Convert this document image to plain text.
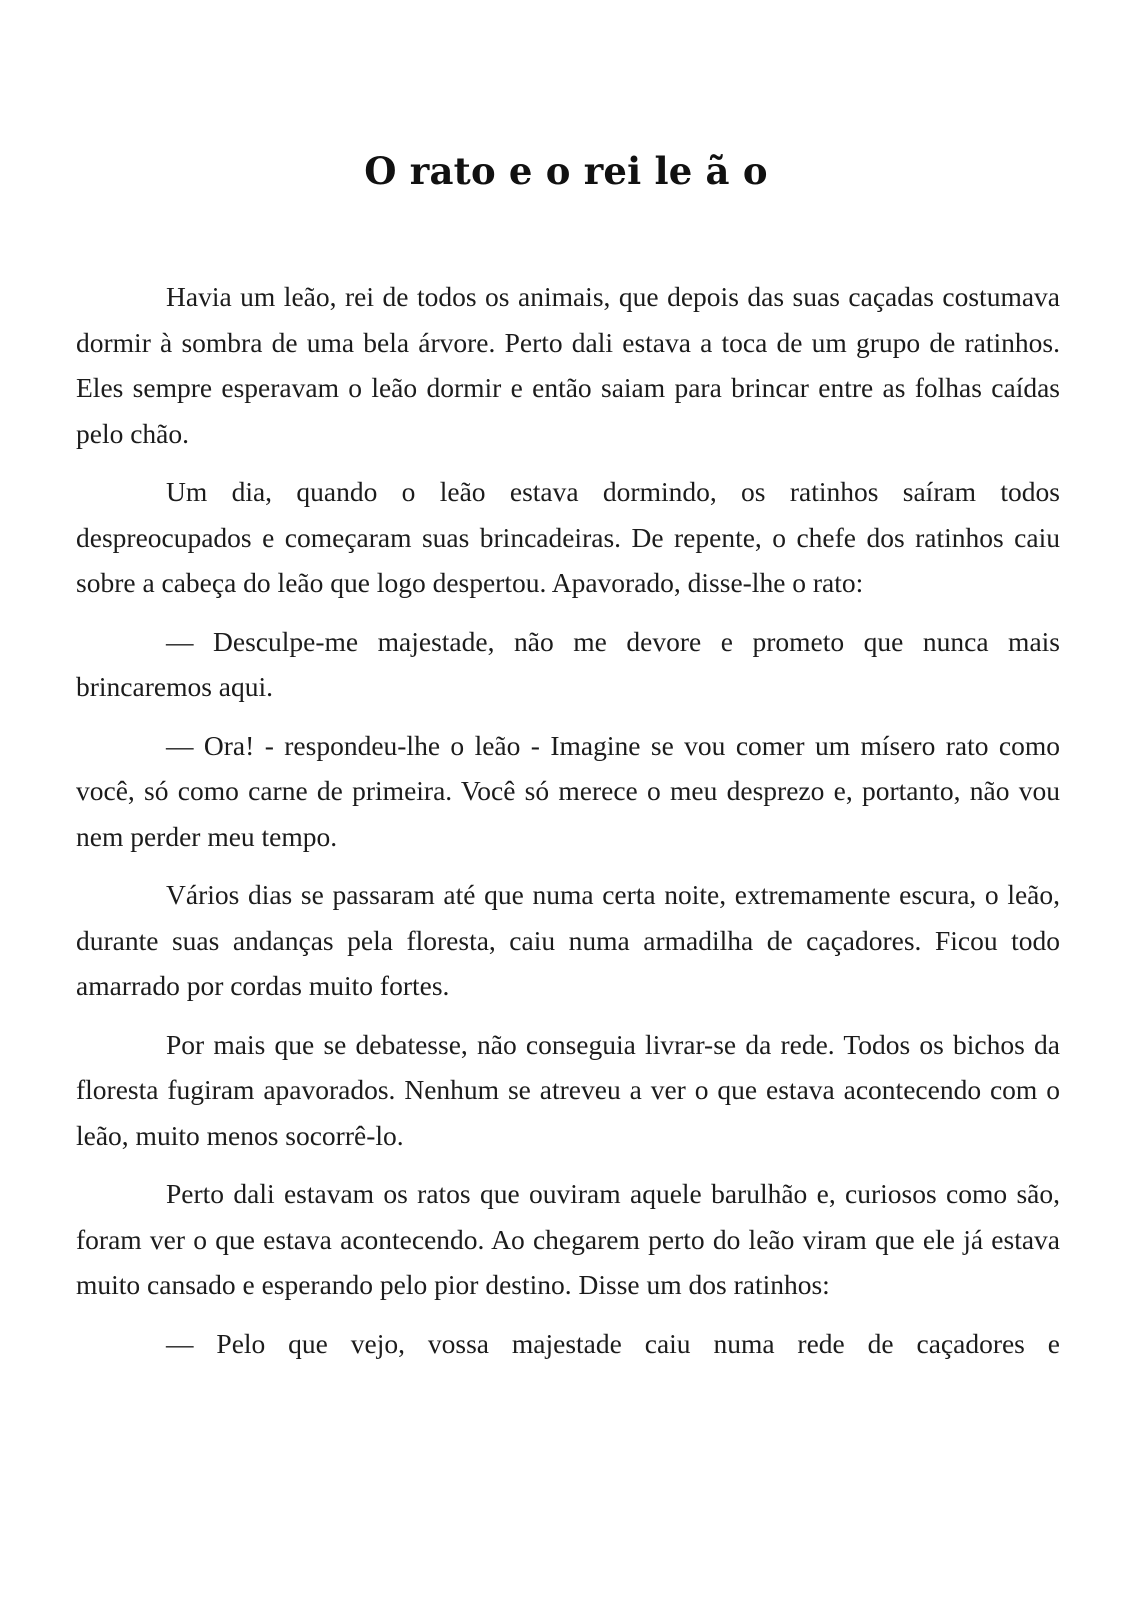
O rato e o rei le ã o

Havia um leão, rei de todos os animais, que depois das suas caçadas costumava dormir à sombra de uma bela árvore. Perto dali estava a toca de um grupo de ratinhos. Eles sempre esperavam o leão dormir e então saiam para brincar entre as folhas caídas pelo chão.

Um dia, quando o leão estava dormindo, os ratinhos saíram todos despreocupados e começaram suas brincadeiras. De repente, o chefe dos ratinhos caiu sobre a cabeça do leão que logo despertou. Apavorado, disse-lhe o rato:

— Desculpe-me majestade, não me devore e prometo que nunca mais brincaremos aqui.

— Ora! - respondeu-lhe o leão - Imagine se vou comer um mísero rato como você, só como carne de primeira. Você só merece o meu desprezo e, portanto, não vou nem perder meu tempo.

Vários dias se passaram até que numa certa noite, extremamente escura, o leão, durante suas andanças pela floresta, caiu numa armadilha de caçadores. Ficou todo amarrado por cordas muito fortes.

Por mais que se debatesse, não conseguia livrar-se da rede. Todos os bichos da floresta fugiram apavorados. Nenhum se atreveu a ver o que estava acontecendo com o leão, muito menos socorrê-lo.

Perto dali estavam os ratos que ouviram aquele barulhão e, curiosos como são, foram ver o que estava acontecendo. Ao chegarem perto do leão viram que ele já estava muito cansado e esperando pelo pior destino. Disse um dos ratinhos:

— Pelo que vejo, vossa majestade caiu numa rede de caçadores e
